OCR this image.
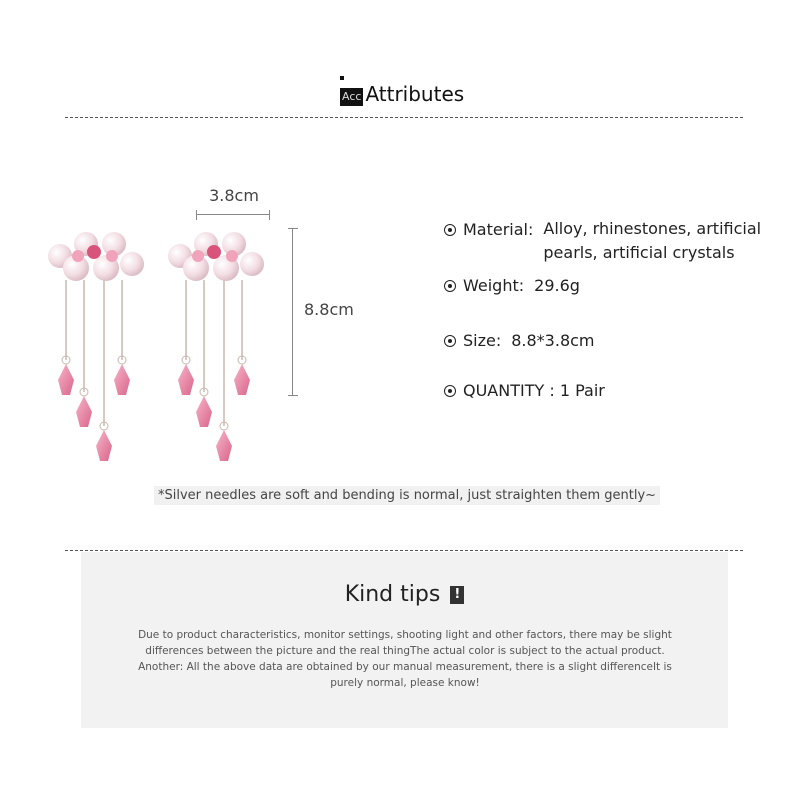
Acc Attributes
3.8cm
8.8cm
Material: Alloy, rhinestones, artificial pearls, artificial crystals
Weight: 29.6g
Size: 8.8*3.8cm
QUANTITY : 1 Pair
*Silver needles are soft and bending is normal, just straighten them gently~
Kind tips	!
Due to product characteristics, monitor settings, shooting light and other factors, there may be slight
differences between the picture and the real thingThe actual color is subject to the actual product.
Another: All the above data are obtained by our manual measurement, there is a slight differenceIt is
purely normal, please know!
